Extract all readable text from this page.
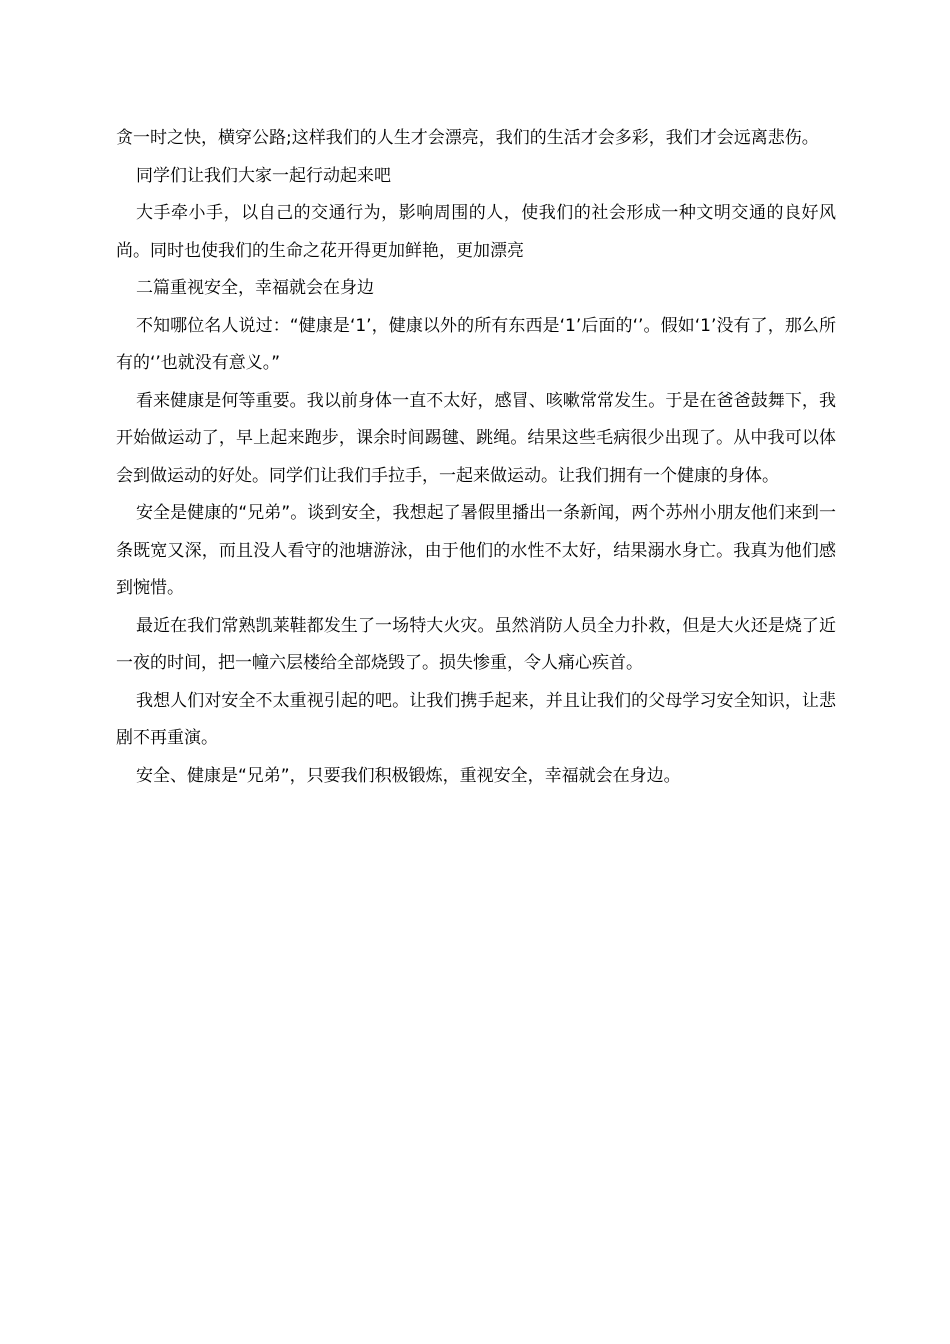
贪一时之快，横穿公路;这样我们的人生才会漂亮，我们的生活才会多彩，我们才会远离悲伤。

同学们让我们大家一起行动起来吧

大手牵小手，以自己的交通行为，影响周围的人，使我们的社会形成一种文明交通的良好风尚。同时也使我们的生命之花开得更加鲜艳，更加漂亮

二篇重视安全，幸福就会在身边

不知哪位名人说过：“健康是‘1’，健康以外的所有东西是‘1’后面的‘’。假如‘1’没有了，那么所有的‘’也就没有意义。”

看来健康是何等重要。我以前身体一直不太好，感冒、咳嗽常常发生。于是在爸爸鼓舞下，我开始做运动了，早上起来跑步，课余时间踢毽、跳绳。结果这些毛病很少出现了。从中我可以体会到做运动的好处。同学们让我们手拉手，一起来做运动。让我们拥有一个健康的身体。

安全是健康的“兄弟”。谈到安全，我想起了暑假里播出一条新闻，两个苏州小朋友他们来到一条既宽又深，而且没人看守的池塘游泳，由于他们的水性不太好，结果溺水身亡。我真为他们感到惋惜。

最近在我们常熟凯莱鞋都发生了一场特大火灾。虽然消防人员全力扑救，但是大火还是烧了近一夜的时间，把一幢六层楼给全部烧毁了。损失惨重，令人痛心疾首。

我想人们对安全不太重视引起的吧。让我们携手起来，并且让我们的父母学习安全知识，让悲剧不再重演。

安全、健康是“兄弟”，只要我们积极锻炼，重视安全，幸福就会在身边。
